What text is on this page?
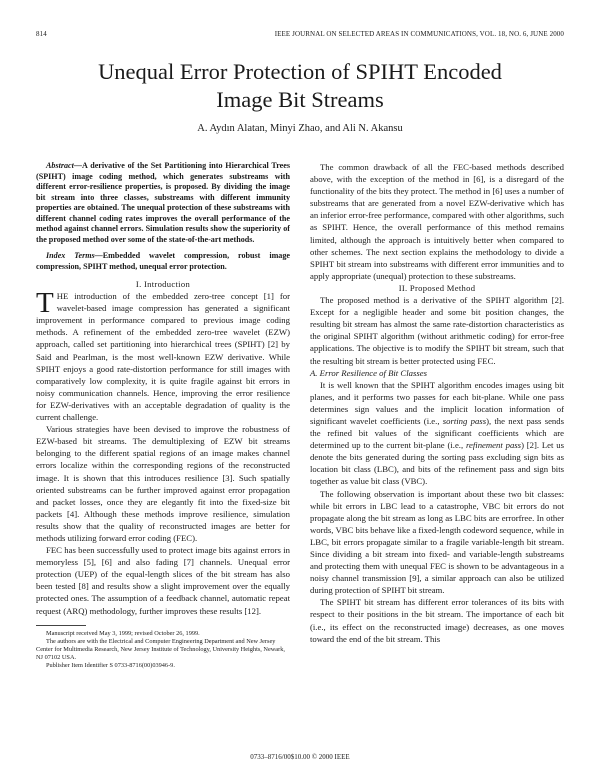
814	IEEE JOURNAL ON SELECTED AREAS IN COMMUNICATIONS, VOL. 18, NO. 6, JUNE 2000
Unequal Error Protection of SPIHT Encoded
Image Bit Streams
A. Aydın Alatan, Minyi Zhao, and Ali N. Akansu

Abstract—A derivative of the Set Partitioning into Hierarchical Trees (SPIHT) image coding method, which generates substreams with different error-resilience properties, is proposed. By dividing the image bit stream into three classes, substreams with different immunity properties are obtained. The unequal protection of these substreams with different channel coding rates improves the overall performance of the method against channel errors. Simulation results show the superiority of the proposed method over some of the state-of-the-art methods.

Index Terms—Embedded wavelet compression, robust image compression, SPIHT method, unequal error protection.

I. Introduction

THE introduction of the embedded zero-tree concept [1] for wavelet-based image compression has generated a significant improvement in performance compared to previous image coding methods. A refinement of the embedded zero-tree wavelet (EZW) approach, called set partitioning into hierarchical trees (SPIHT) [2] by Said and Pearlman, is the most well-known EZW derivative. While SPIHT enjoys a good rate-distortion performance for still images with comparatively low complexity, it is quite fragile against bit errors in noisy communication channels. Hence, improving the error resilience for EZW-derivatives with an acceptable degradation of quality is the current challenge.

Various strategies have been devised to improve the robustness of EZW-based bit streams. The demultiplexing of EZW bit streams belonging to the different spatial regions of an image makes channel errors localize within the corresponding regions of the reconstructed image. It is shown that this introduces resilience [3]. Such spatially oriented substreams can be further improved against error propagation and packet losses, once they are elegantly fit into the fixed-size bit packets [4]. Although these methods improve resilience, simulation results show that the quality of reconstructed images are better for methods utilizing forward error coding (FEC).

FEC has been successfully used to protect image bits against errors in memoryless [5], [6] and also fading [7] channels. Unequal error protection (UEP) of the equal-length slices of the bit stream has also been tested [8] and results show a slight improvement over the equally protected ones. The assumption of a feedback channel, automatic repeat request (ARQ) methodology, further improves these results [12].

Manuscript received May 3, 1999; revised October 26, 1999.

The authors are with the Electrical and Computer Engineering Department and New Jersey Center for Multimedia Research, New Jersey Institute of Technology, University Heights, Newark, NJ 07102 USA.

Publisher Item Identifier S 0733-8716(00)03946-9.

The common drawback of all the FEC-based methods described above, with the exception of the method in [6], is a disregard of the functionality of the bits they protect. The method in [6] uses a number of substreams that are generated from a novel EZW-derivative which has an inferior error-free performance, compared with other algorithms, such as SPIHT. Hence, the overall performance of this method remains limited, although the approach is intuitively better when compared to other schemes. The next section explains the methodology to divide a SPIHT bit stream into substreams with different error immunities and to apply appropriate (unequal) protection to these substreams.

II. Proposed Method

The proposed method is a derivative of the SPIHT algorithm [2]. Except for a negligible header and some bit position changes, the resulting bit stream has almost the same rate-distortion characteristics as the original SPIHT algorithm (without arithmetic coding) for error-free applications. The objective is to modify the SPIHT bit stream, such that the resulting bit stream is better protected using FEC.

A. Error Resilience of Bit Classes

It is well known that the SPIHT algorithm encodes images using bit planes, and it performs two passes for each bit-plane. While one pass determines sign values and the implicit location information of significant wavelet coefficients (i.e., sorting pass), the next pass sends the refined bit values of the significant coefficients which are determined up to the current bit-plane (i.e., refinement pass) [2]. Let us denote the bits generated during the sorting pass excluding sign bits as location bit class (LBC), and bits of the refinement pass and sign bits together as value bit class (VBC).

The following observation is important about these two bit classes: while bit errors in LBC lead to a catastrophe, VBC bit errors do not propagate along the bit stream as long as LBC bits are errorfree. In other words, VBC bits behave like a fixed-length codeword sequence, while in LBC, bit errors propagate similar to a fragile variable-length bit stream. Since dividing a bit stream into fixed- and variable-length substreams and protecting them with unequal FEC is shown to be advantageous in a noisy channel transmission [9], a similar approach can also be utilized during protection of SPIHT bit stream.

The SPIHT bit stream has different error tolerances of its bits with respect to their positions in the bit stream. The importance of each bit (i.e., its effect on the reconstructed image) decreases, as one moves toward the end of the bit stream. This

0733–8716/00$10.00 © 2000 IEEE
